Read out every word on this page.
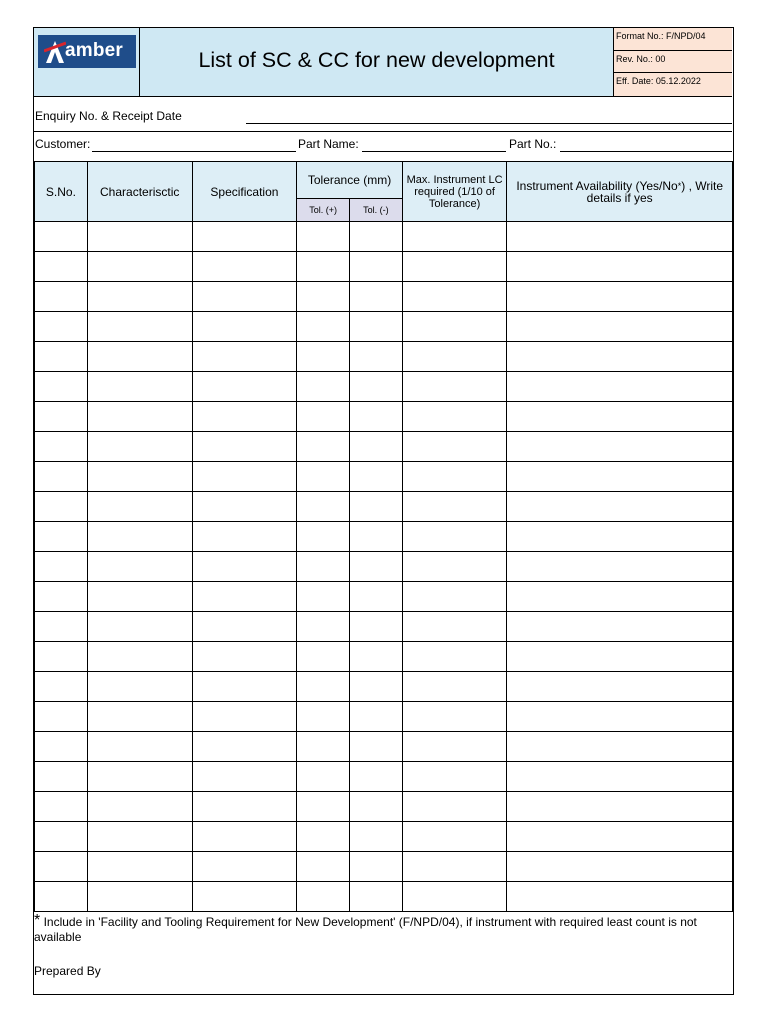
amber	List of SC & CC for new development
Format No.: F/NPD/04
Rev. No.: 00
Eff. Date: 05.12.2022
Enquiry No. & Receipt Date
Customer:	Part Name:	Part No.:
S.No.	Characterisctic	Specification	Tolerance (mm)		Max. Instrument LC required (1/10 of Tolerance)	Instrument Availability (Yes/No*) , Write details if yes
			Tol. (+)	Tol. (-)		

* Include in 'Facility and Tooling Requirement for New Development' (F/NPD/04), if instrument with required least count is not available
Prepared By
